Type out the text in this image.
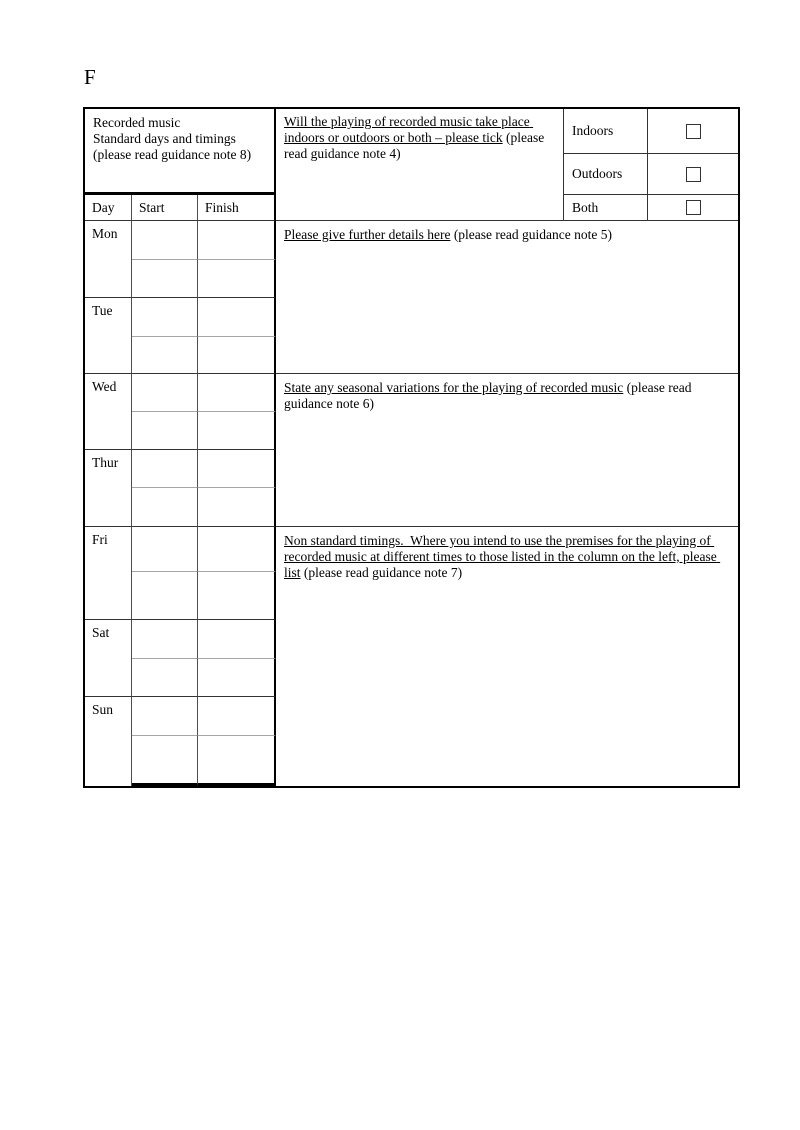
F
Recorded music
Standard days and timings
(please read guidance note 8)
Will the playing of recorded music take place indoors or outdoors or both – please tick (please read guidance note 4)
Indoors
Outdoors
Day Start	Finish	Both
Please give further details here (please read guidance note 5)
State any seasonal variations for the playing of recorded music (please read guidance note 6)
Non standard timings.  Where you intend to use the premises for the playing of recorded music at different times to those listed in the column on the left, please list (please read guidance note 7)
Mon
Tue
Wed
Thur
Fri
Sat
Sun
